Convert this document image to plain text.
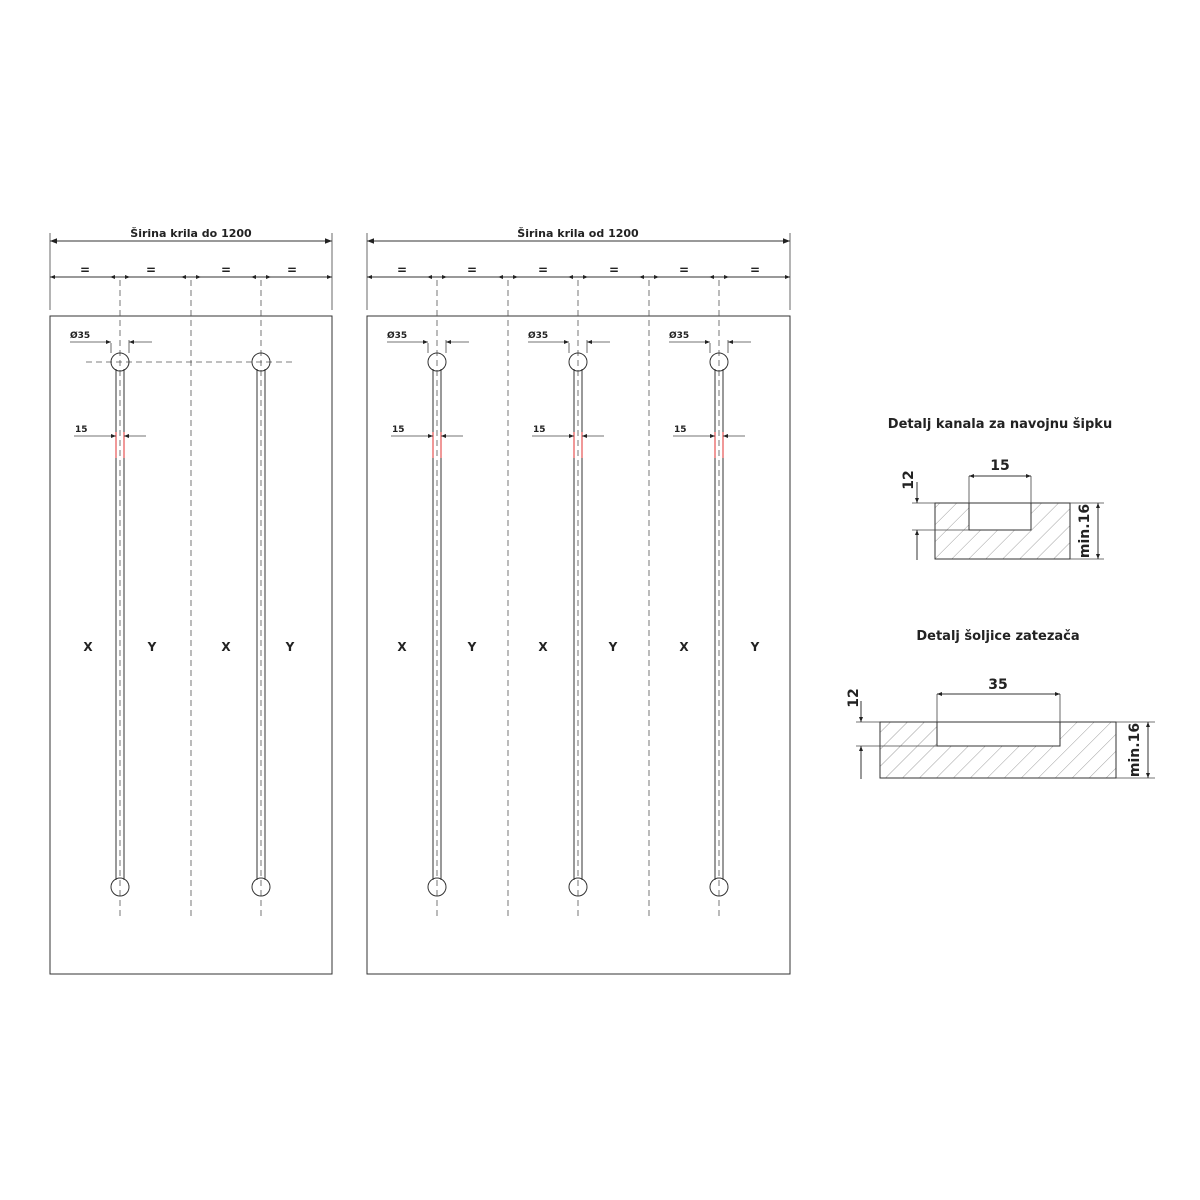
Širina krila do 1200
=	=	=	=
Ø35
15
X	Y	X	Y
Širina krila od 1200
=	=	=	=	=	=
Ø35	Ø35	Ø35
15	15	15
X	Y	X	Y	X	Y
Detalj kanala za navojnu šipku
15
12
min.16
Detalj šoljice zatezača
35
12
min.16
